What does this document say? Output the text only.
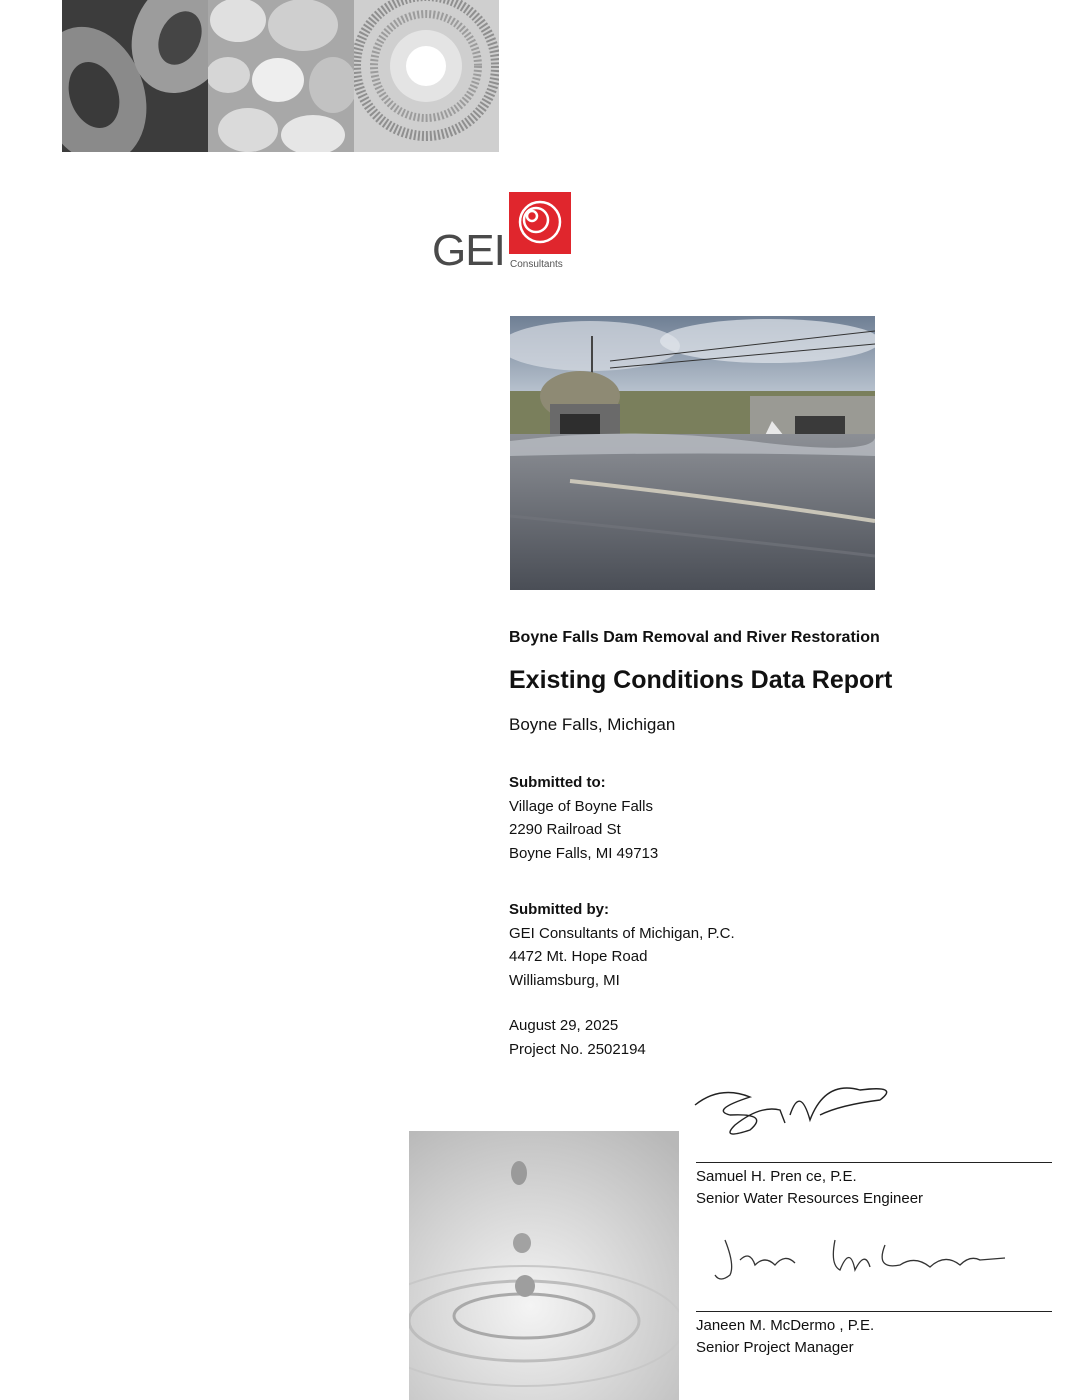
GEI Consultants
Boyne Falls Dam Removal and River Restoration
Existing Conditions Data Report
Boyne Falls, Michigan
Submitted to:
Village of Boyne Falls
2290 Railroad St
Boyne Falls, MI 49713
Submitted by:
GEI Consultants of Michigan, P.C.
4472 Mt. Hope Road
Williamsburg, MI
August 29, 2025
Project No. 2502194
Samuel H. Pren ce, P.E.
Senior Water Resources Engineer
Janeen M. McDermo , P.E.
Senior Project Manager
